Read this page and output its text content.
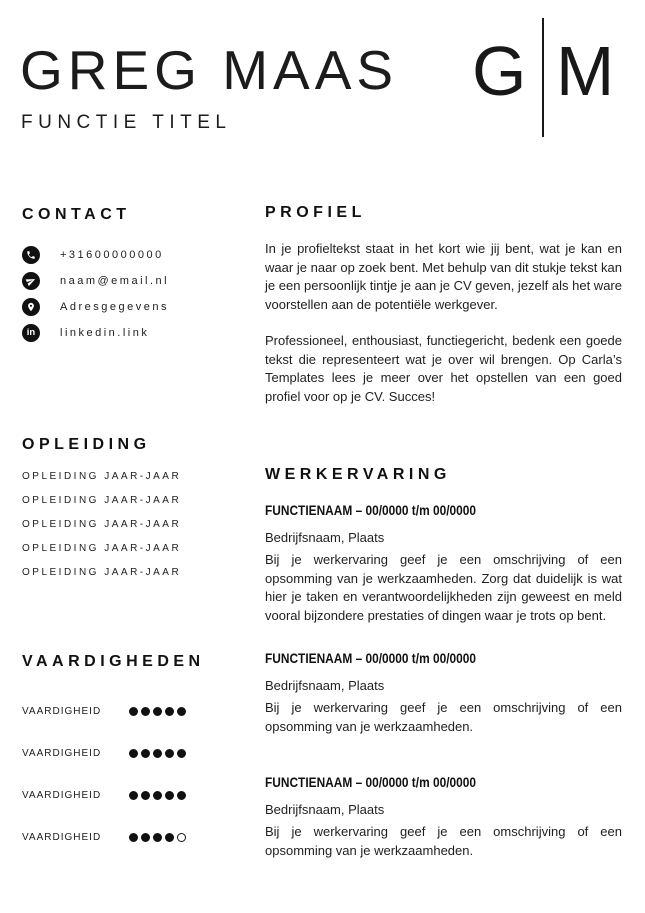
GREG MAAS
FUNCTIE TITEL
G M
CONTACT
+31600000000
naam@email.nl
Adresgegevens
in linkedin.link
OPLEIDING
OPLEIDING JAAR-JAAR
OPLEIDING JAAR-JAAR
OPLEIDING JAAR-JAAR
OPLEIDING JAAR-JAAR
OPLEIDING JAAR-JAAR
VAARDIGHEDEN
VAARDIGHEID
VAARDIGHEID
VAARDIGHEID
VAARDIGHEID
PROFIEL

In je profieltekst staat in het kort wie jij bent, wat je kan en waar je naar op zoek bent. Met behulp van dit stukje tekst kan je een persoonlijk tintje je aan je CV geven, jezelf als het ware voorstellen aan de potentiële werkgever.

Professioneel, enthousiast, functiegericht, bedenk een goede tekst die representeert wat je over wil brengen. Op Carla’s Templates lees je meer over het opstellen van een goed profiel voor op je CV. Succes!

WERKERVARING
FUNCTIENAAM – 00/0000 t/m 00/0000
Bedrijfsnaam, Plaats
Bij je werkervaring geef je een omschrijving of een opsomming van je werkzaamheden. Zorg dat duidelijk is wat hier je taken en verantwoordelijkheden zijn geweest en meld vooral bijzondere prestaties of dingen waar je trots op bent.
FUNCTIENAAM – 00/0000 t/m 00/0000
Bedrijfsnaam, Plaats
Bij je werkervaring geef je een omschrijving of een opsomming van je werkzaamheden.
FUNCTIENAAM – 00/0000 t/m 00/0000
Bedrijfsnaam, Plaats
Bij je werkervaring geef je een omschrijving of een opsomming van je werkzaamheden.
